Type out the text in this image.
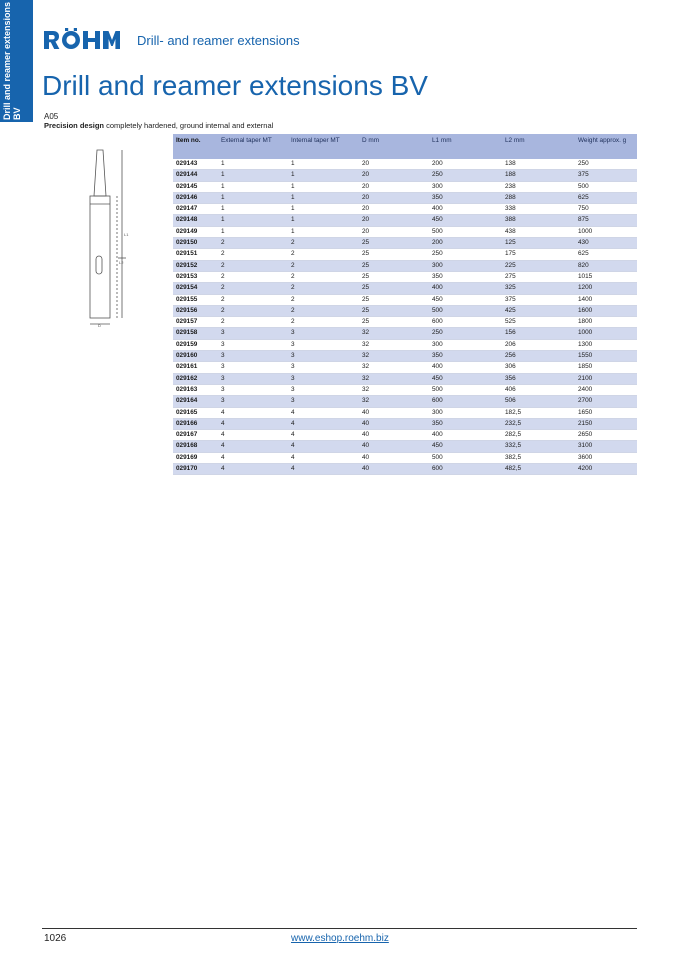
Drill and reamer extensions BV
Drill- and reamer extensions
Drill and reamer extensions BV
A05
Precision design completely hardened, ground internal and external
L1
L2
D
Item no.	External taper MT	Internal taper MT	D mm	L1 mm	L2 mm	Weight approx. g
029143	1	1	20	200	138	250
029144	1	1	20	250	188	375
029145	1	1	20	300	238	500
029146	1	1	20	350	288	625
029147	1	1	20	400	338	750
029148	1	1	20	450	388	875
029149	1	1	20	500	438	1000
029150	2	2	25	200	125	430
029151	2	2	25	250	175	625
029152	2	2	25	300	225	820
029153	2	2	25	350	275	1015
029154	2	2	25	400	325	1200
029155	2	2	25	450	375	1400
029156	2	2	25	500	425	1600
029157	2	2	25	600	525	1800
029158	3	3	32	250	156	1000
029159	3	3	32	300	206	1300
029160	3	3	32	350	256	1550
029161	3	3	32	400	306	1850
029162	3	3	32	450	356	2100
029163	3	3	32	500	406	2400
029164	3	3	32	600	506	2700
029165	4	4	40	300	182,5	1650
029166	4	4	40	350	232,5	2150
029167	4	4	40	400	282,5	2650
029168	4	4	40	450	332,5	3100
029169	4	4	40	500	382,5	3600
029170	4	4	40	600	482,5	4200
1026	www.eshop.roehm.biz
